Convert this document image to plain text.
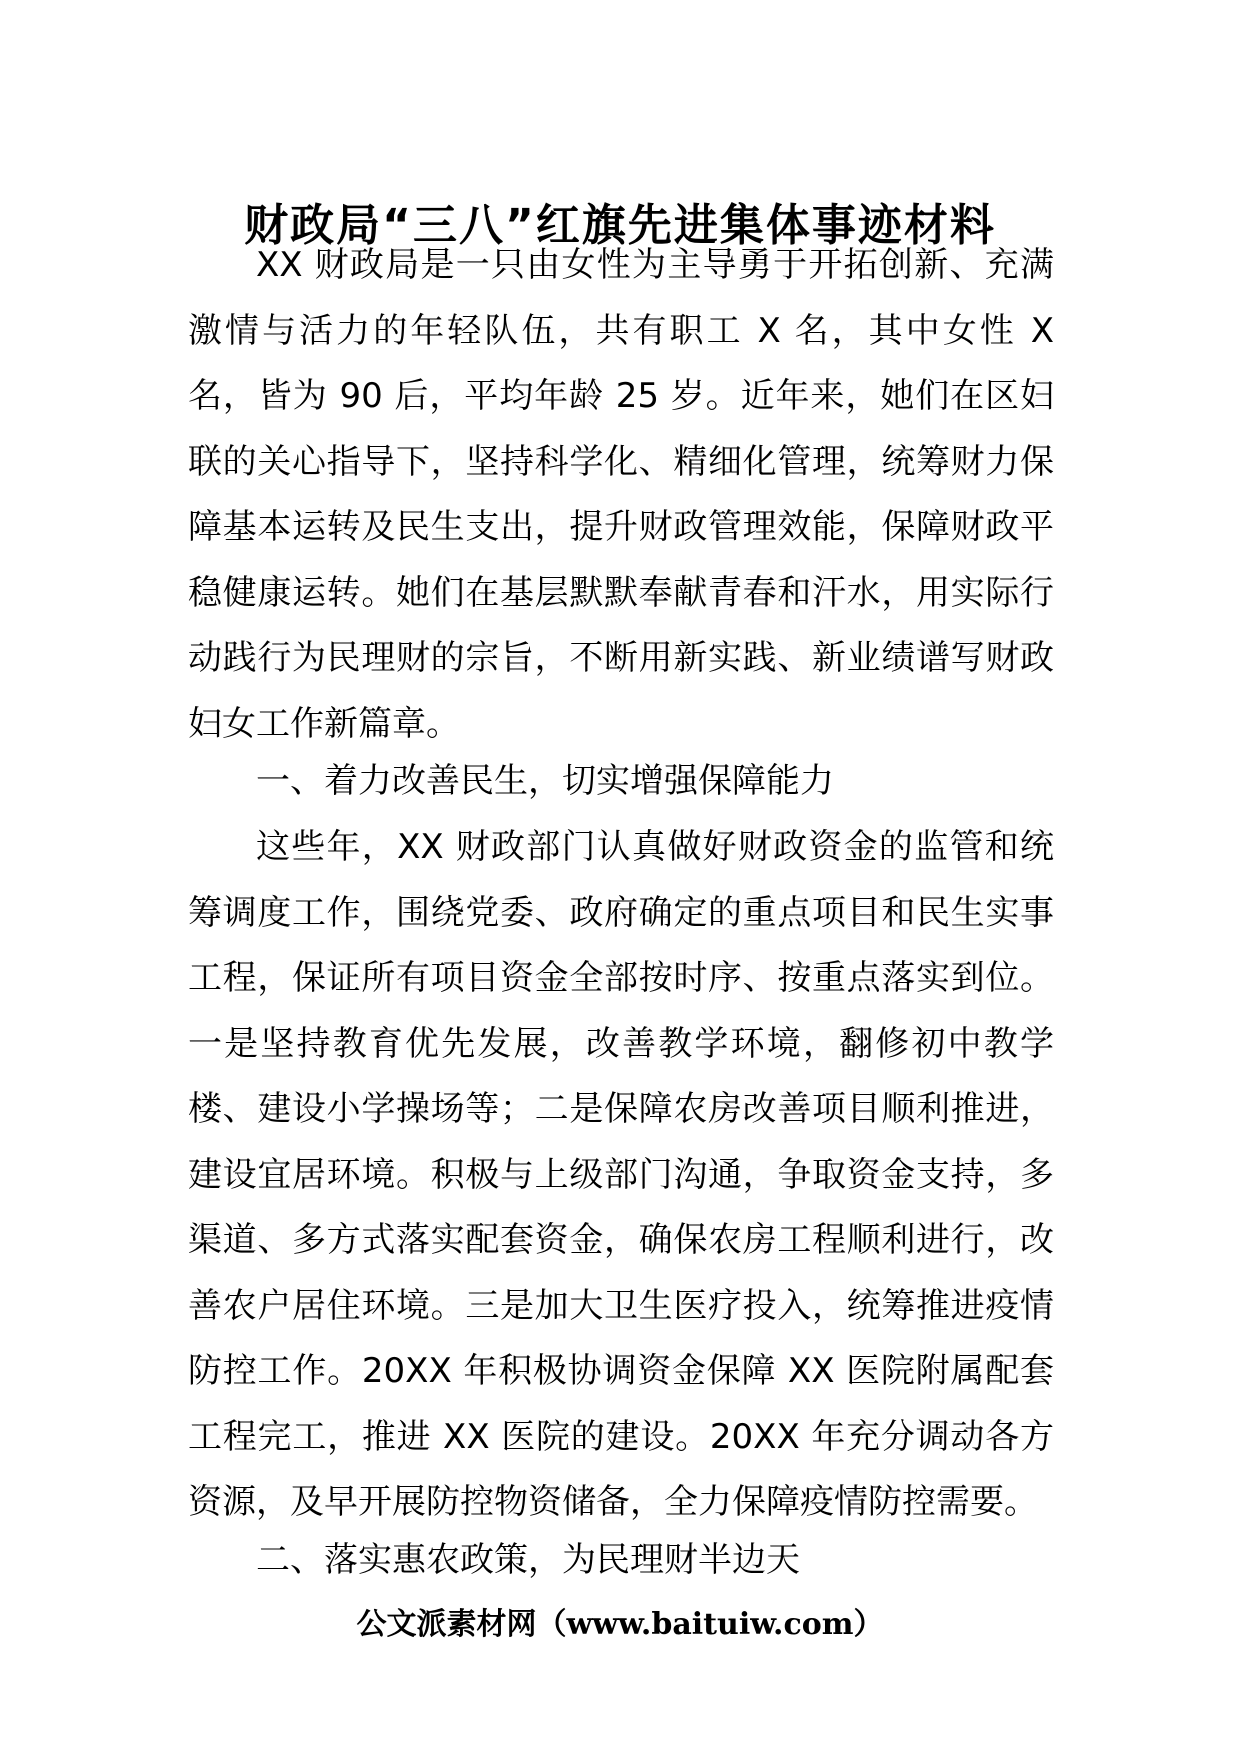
财政局“三八”红旗先进集体事迹材料

XX 财政局是一只由女性为主导勇于开拓创新、充满激情与活力的年轻队伍，共有职工 X 名，其中女性 X 名，皆为 90 后，平均年龄 25 岁。近年来，她们在区妇联的关心指导下，坚持科学化、精细化管理，统筹财力保障基本运转及民生支出，提升财政管理效能，保障财政平稳健康运转。她们在基层默默奉献青春和汗水，用实际行动践行为民理财的宗旨，不断用新实践、新业绩谱写财政妇女工作新篇章。

一、着力改善民生，切实增强保障能力

这些年，XX 财政部门认真做好财政资金的监管和统筹调度工作，围绕党委、政府确定的重点项目和民生实事工程，保证所有项目资金全部按时序、按重点落实到位。一是坚持教育优先发展，改善教学环境，翻修初中教学楼、建设小学操场等；二是保障农房改善项目顺利推进，建设宜居环境。积极与上级部门沟通，争取资金支持，多渠道、多方式落实配套资金，确保农房工程顺利进行，改善农户居住环境。三是加大卫生医疗投入，统筹推进疫情防控工作。20XX 年积极协调资金保障 XX 医院附属配套工程完工，推进 XX 医院的建设。20XX 年充分调动各方资源，及早开展防控物资储备，全力保障疫情防控需要。

二、落实惠农政策，为民理财半边天

公文派素材网（www.baituiw.com）
